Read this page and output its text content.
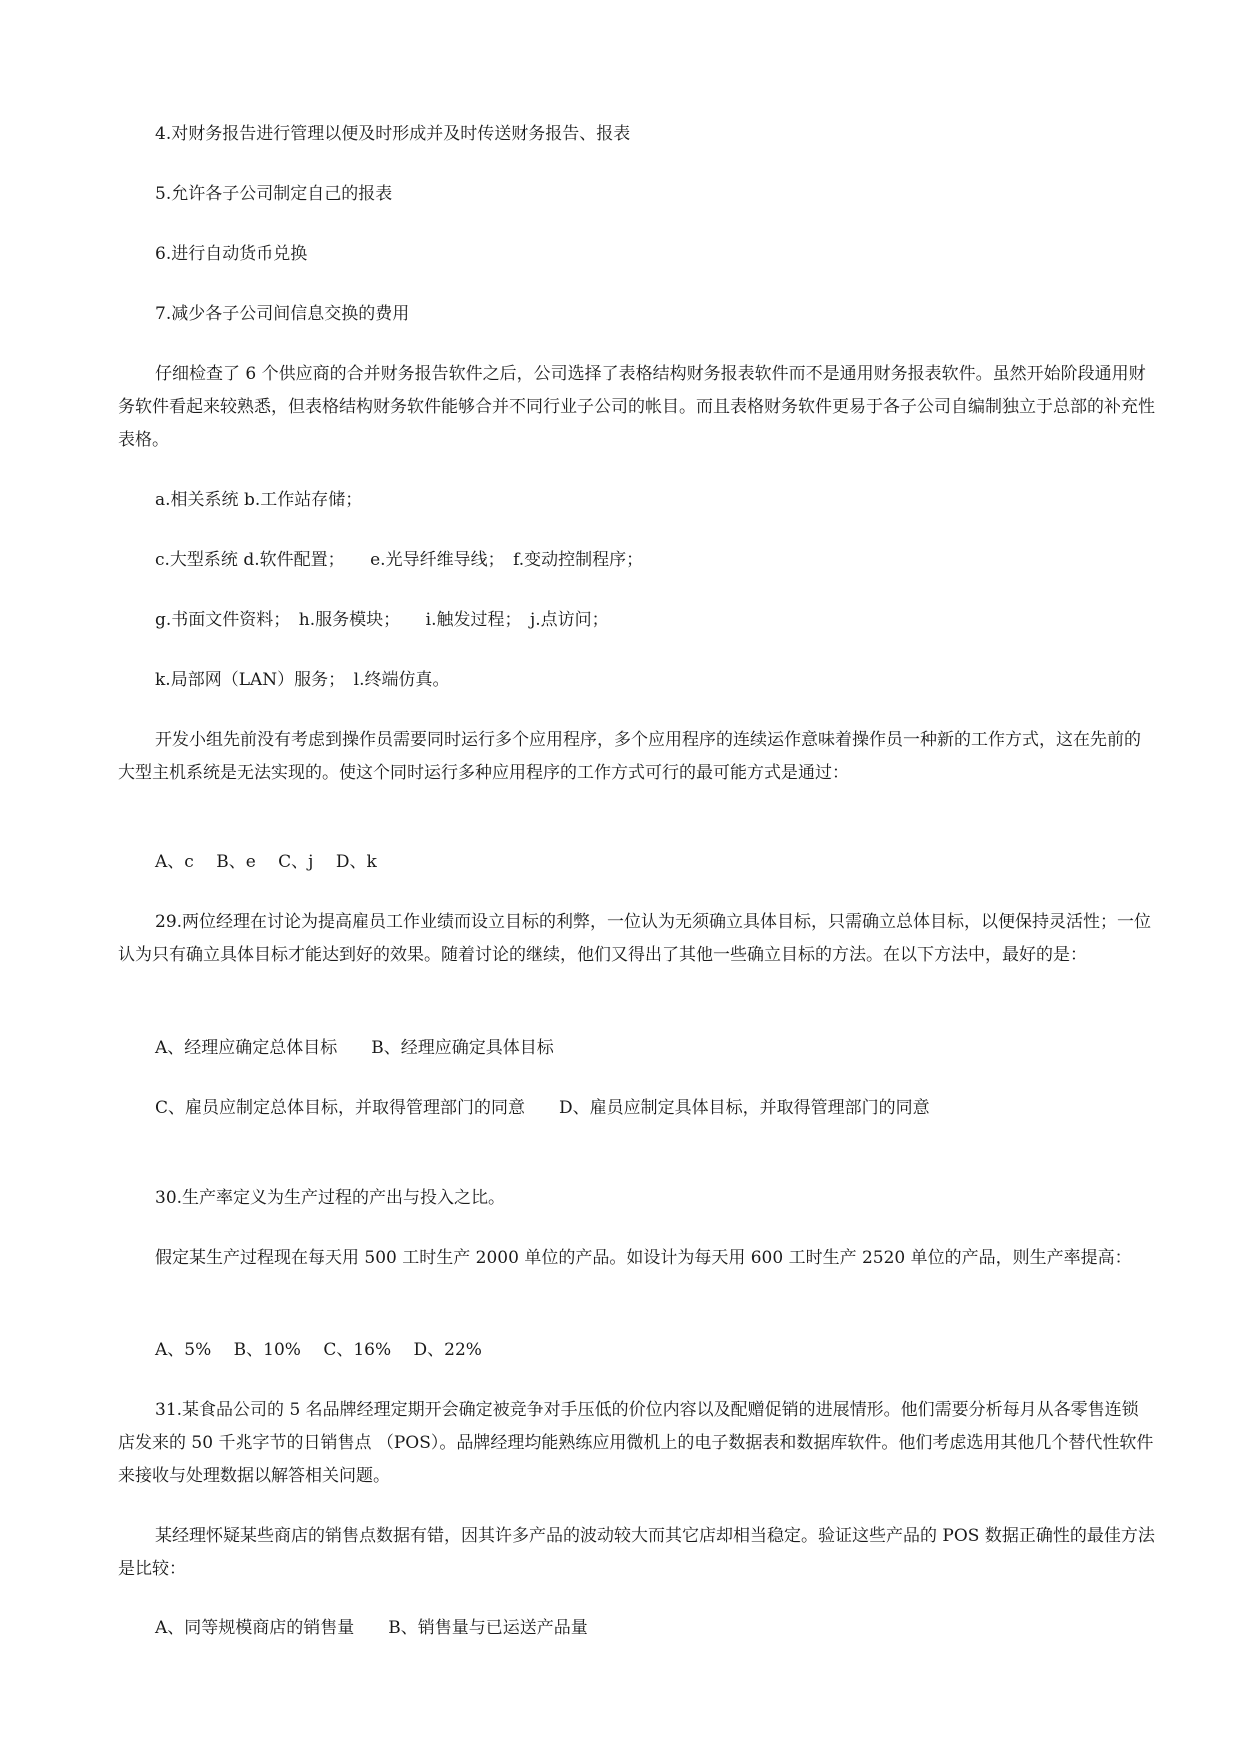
4.对财务报告进行管理以便及时形成并及时传送财务报告、报表

5.允许各子公司制定自己的报表

6.进行自动货币兑换

7.减少各子公司间信息交换的费用

仔细检查了 6 个供应商的合并财务报告软件之后，公司选择了表格结构财务报表软件而不是通用财务报表软件。虽然开始阶段通用财务软件看起来较熟悉，但表格结构财务软件能够合并不同行业子公司的帐目。而且表格财务软件更易于各子公司自编制独立于总部的补充性表格。

a.相关系统 b.工作站存储；

c.大型系统 d.软件配置；　　e.光导纤维导线；　f.变动控制程序；

g.书面文件资料；　h.服务模块；　　i.触发过程；　j.点访问；

k.局部网（LAN）服务；　l.终端仿真。

开发小组先前没有考虑到操作员需要同时运行多个应用程序，多个应用程序的连续运作意味着操作员一种新的工作方式，这在先前的大型主机系统是无法实现的。使这个同时运行多种应用程序的工作方式可行的最可能方式是通过：

A、c　 B、e　 C、j　 D、k

29.两位经理在讨论为提高雇员工作业绩而设立目标的利弊，一位认为无须确立具体目标，只需确立总体目标，以便保持灵活性；一位认为只有确立具体目标才能达到好的效果。随着讨论的继续，他们又得出了其他一些确立目标的方法。在以下方法中，最好的是：

A、经理应确定总体目标　　B、经理应确定具体目标

C、雇员应制定总体目标，并取得管理部门的同意　　D、雇员应制定具体目标，并取得管理部门的同意

30.生产率定义为生产过程的产出与投入之比。

假定某生产过程现在每天用 500 工时生产 2000 单位的产品。如设计为每天用 600 工时生产 2520 单位的产品，则生产率提高：

A、5%　 B、10%　 C、16%　 D、22%

31.某食品公司的 5 名品牌经理定期开会确定被竞争对手压低的价位内容以及配赠促销的进展情形。他们需要分析每月从各零售连锁店发来的 50 千兆字节的日销售点 （POS）。品牌经理均能熟练应用微机上的电子数据表和数据库软件。他们考虑选用其他几个替代性软件来接收与处理数据以解答相关问题。

某经理怀疑某些商店的销售点数据有错，因其许多产品的波动较大而其它店却相当稳定。验证这些产品的 POS 数据正确性的最佳方法是比较：

A、同等规模商店的销售量　　B、销售量与已运送产品量
